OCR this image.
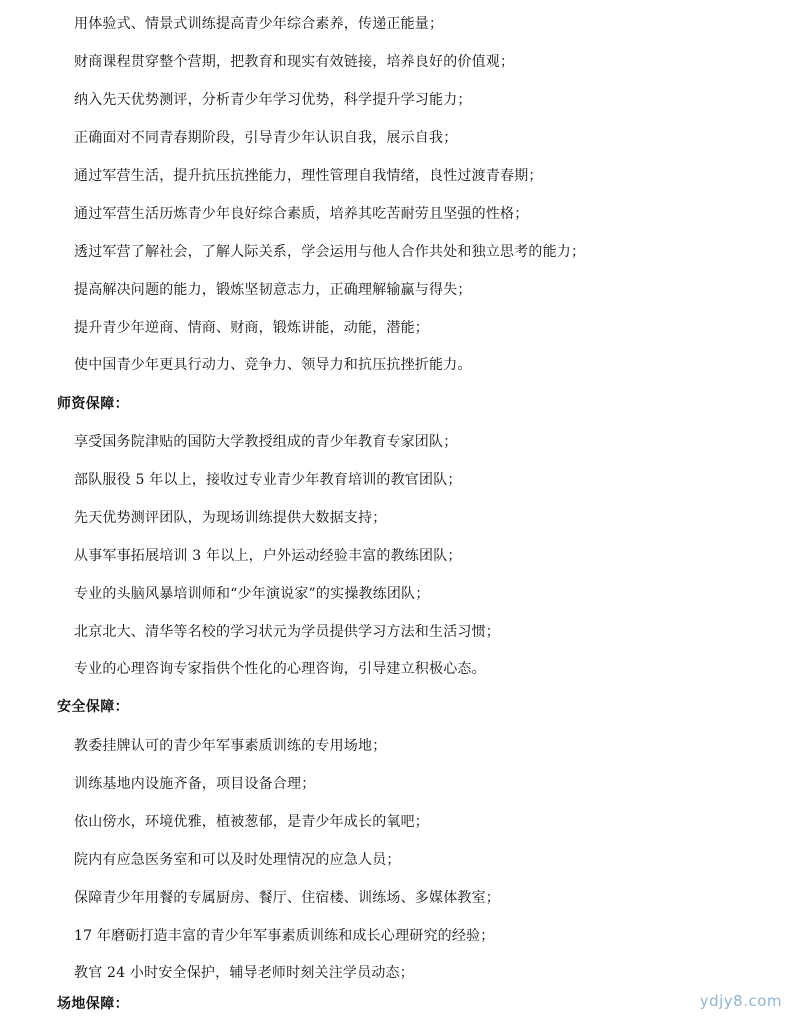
用体验式、情景式训练提高青少年综合素养，传递正能量；
财商课程贯穿整个营期，把教育和现实有效链接，培养良好的价值观；
纳入先天优势测评，分析青少年学习优势，科学提升学习能力；
正确面对不同青春期阶段，引导青少年认识自我，展示自我；
通过军营生活，提升抗压抗挫能力，理性管理自我情绪，良性过渡青春期；
通过军营生活历炼青少年良好综合素质，培养其吃苦耐劳且坚强的性格；
透过军营了解社会，了解人际关系，学会运用与他人合作共处和独立思考的能力；
提高解决问题的能力，锻炼坚韧意志力，正确理解输赢与得失；
提升青少年逆商、情商、财商，锻炼讲能，动能，潜能；
使中国青少年更具行动力、竞争力、领导力和抗压抗挫折能力。
师资保障：
享受国务院津贴的国防大学教授组成的青少年教育专家团队；
部队服役 5 年以上，接收过专业青少年教育培训的教官团队；
先天优势测评团队，为现场训练提供大数据支持；
从事军事拓展培训 3 年以上，户外运动经验丰富的教练团队；
专业的头脑风暴培训师和“少年演说家”的实操教练团队；
北京北大、清华等名校的学习状元为学员提供学习方法和生活习惯；
专业的心理咨询专家指供个性化的心理咨询，引导建立积极心态。
安全保障：
教委挂牌认可的青少年军事素质训练的专用场地；
训练基地内设施齐备，项目设备合理；
依山傍水，环境优雅，植被葱郁，是青少年成长的氧吧；
院内有应急医务室和可以及时处理情况的应急人员；
保障青少年用餐的专属厨房、餐厅、住宿楼、训练场、多媒体教室；
17 年磨砺打造丰富的青少年军事素质训练和成长心理研究的经验；
教官 24 小时安全保护，辅导老师时刻关注学员动态；
场地保障：	ydjy8.com
